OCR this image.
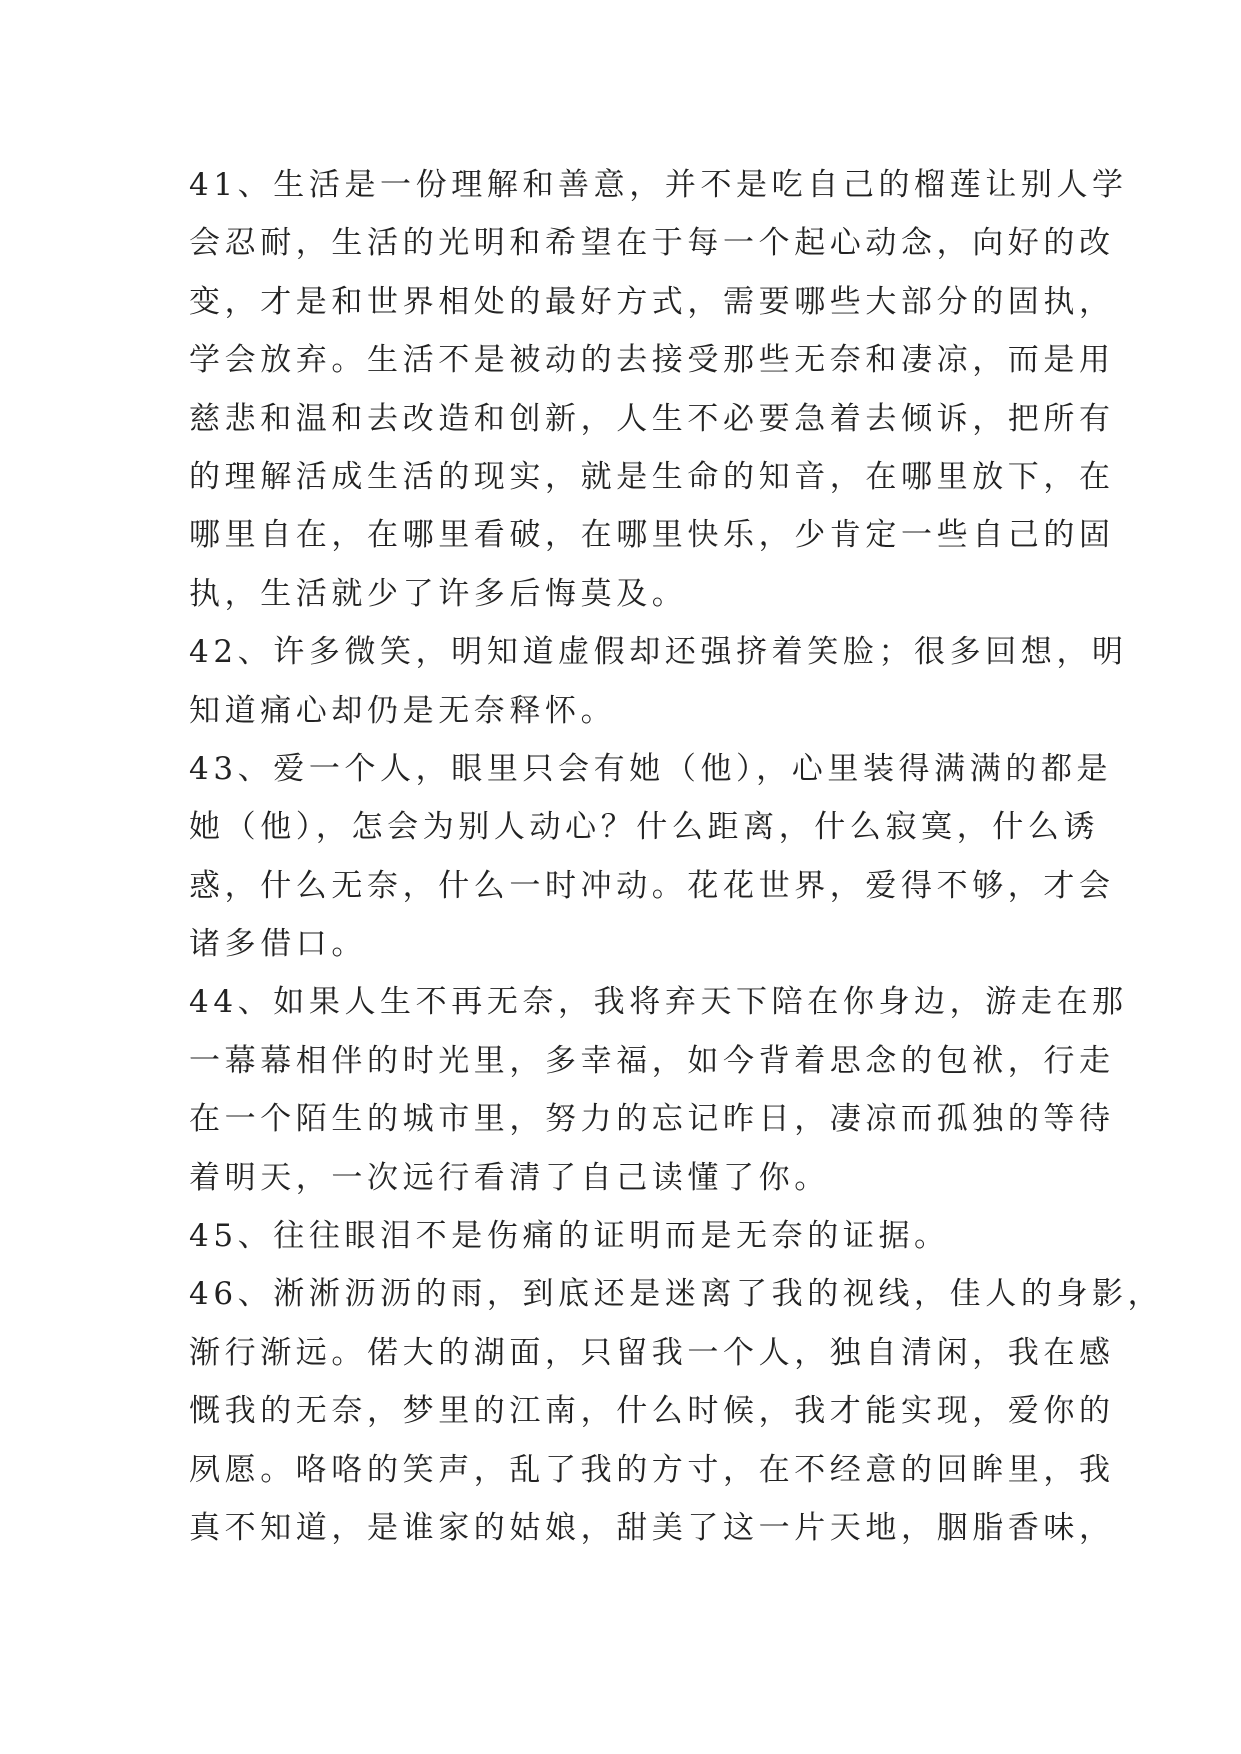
41、生活是一份理解和善意，并不是吃自己的榴莲让别人学
会忍耐，生活的光明和希望在于每一个起心动念，向好的改
变，才是和世界相处的最好方式，需要哪些大部分的固执，
学会放弃。生活不是被动的去接受那些无奈和凄凉，而是用
慈悲和温和去改造和创新，人生不必要急着去倾诉，把所有
的理解活成生活的现实，就是生命的知音，在哪里放下，在
哪里自在，在哪里看破，在哪里快乐，少肯定一些自己的固
执，生活就少了许多后悔莫及。
42、许多微笑，明知道虚假却还强挤着笑脸；很多回想，明
知道痛心却仍是无奈释怀。
43、爱一个人，眼里只会有她（他），心里装得满满的都是
她（他），怎会为别人动心？什么距离，什么寂寞，什么诱
惑，什么无奈，什么一时冲动。花花世界，爱得不够，才会
诸多借口。
44、如果人生不再无奈，我将弃天下陪在你身边，游走在那
一幕幕相伴的时光里，多幸福，如今背着思念的包袱，行走
在一个陌生的城市里，努力的忘记昨日，凄凉而孤独的等待
着明天，一次远行看清了自己读懂了你。
45、往往眼泪不是伤痛的证明而是无奈的证据。
46、淅淅沥沥的雨，到底还是迷离了我的视线，佳人的身影，
渐行渐远。偌大的湖面，只留我一个人，独自清闲，我在感
慨我的无奈，梦里的江南，什么时候，我才能实现，爱你的
夙愿。咯咯的笑声，乱了我的方寸，在不经意的回眸里，我
真不知道，是谁家的姑娘，甜美了这一片天地，胭脂香味，
